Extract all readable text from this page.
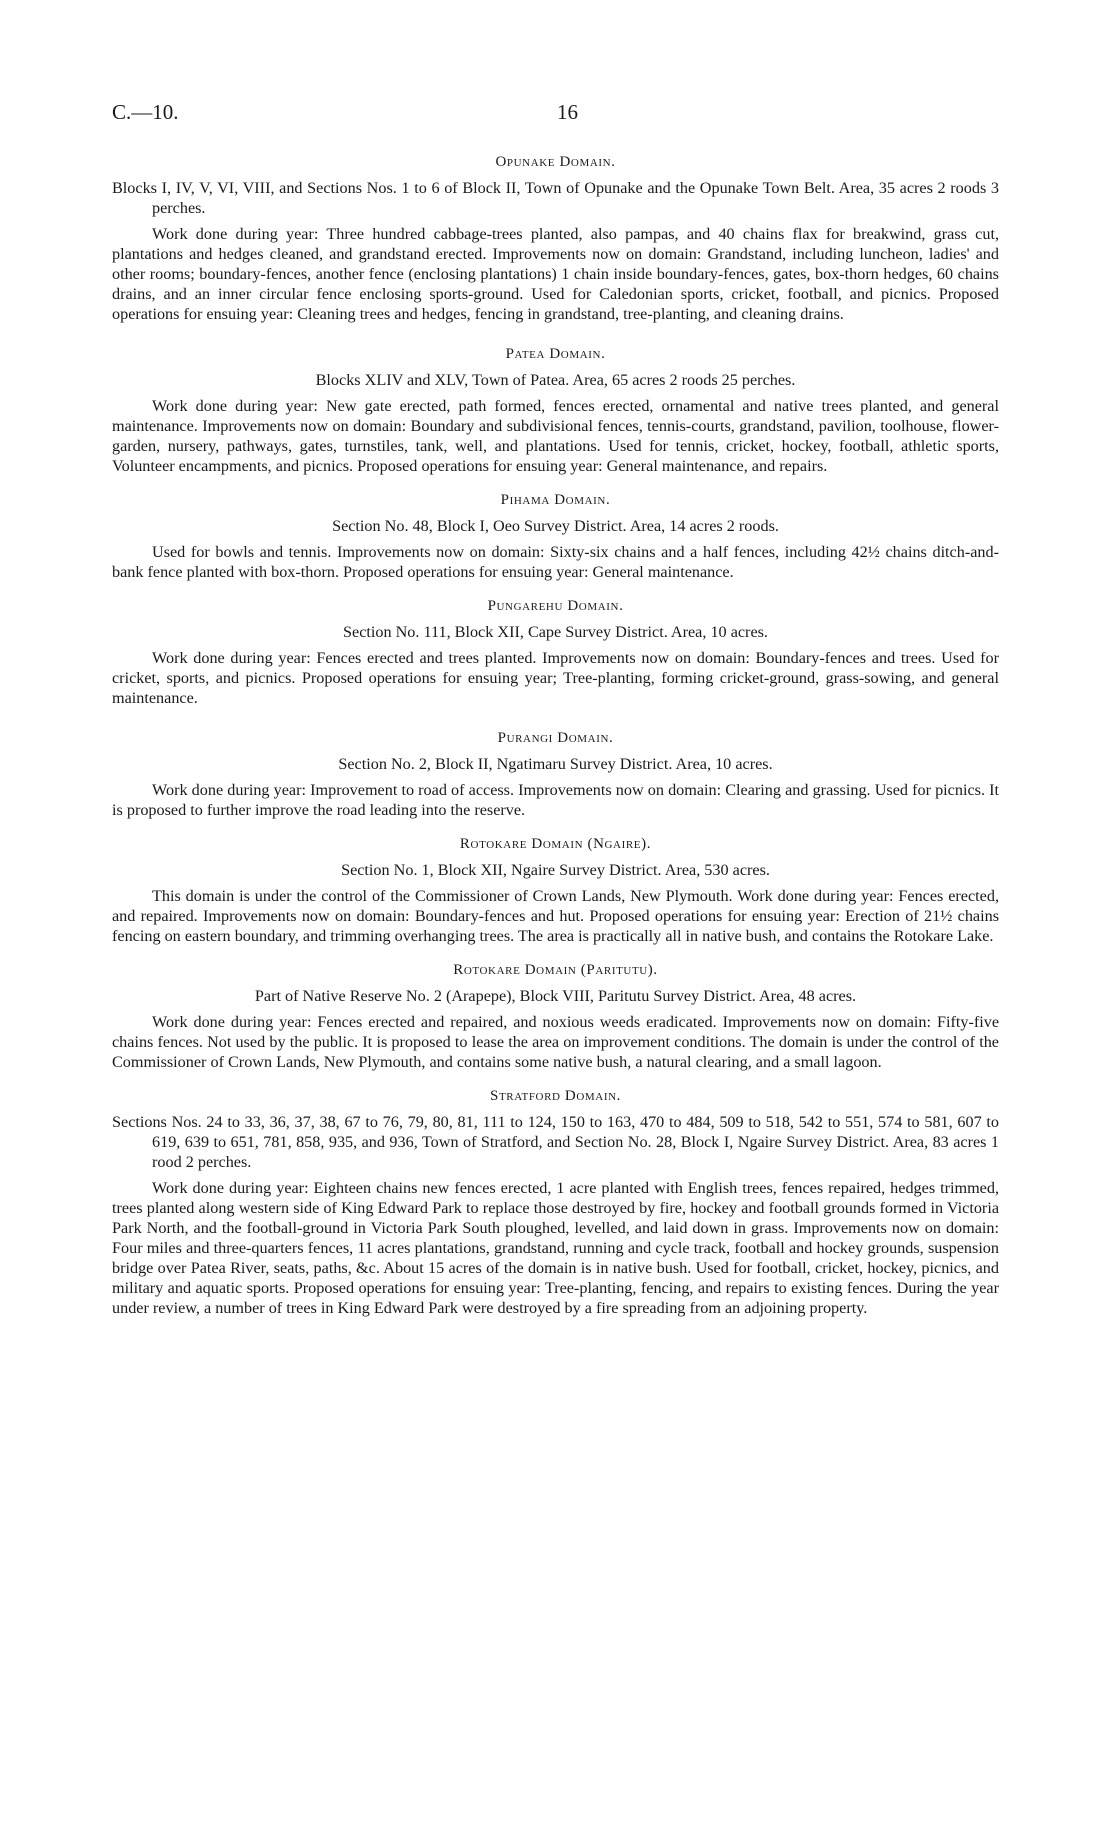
C.—10.	16

Opunake Domain.

Blocks I, IV, V, VI, VIII, and Sections Nos. 1 to 6 of Block II, Town of Opunake and the Opunake Town Belt. Area, 35 acres 2 roods 3 perches.

Work done during year: Three hundred cabbage-trees planted, also pampas, and 40 chains flax for breakwind, grass cut, plantations and hedges cleaned, and grandstand erected. Improvements now on domain: Grandstand, including luncheon, ladies' and other rooms; boundary-fences, another fence (enclosing plantations) 1 chain inside boundary-fences, gates, box-thorn hedges, 60 chains drains, and an inner circular fence enclosing sports-ground. Used for Caledonian sports, cricket, football, and picnics. Proposed operations for ensuing year: Cleaning trees and hedges, fencing in grandstand, tree-planting, and cleaning drains.

Patea Domain.

Blocks XLIV and XLV, Town of Patea. Area, 65 acres 2 roods 25 perches.

Work done during year: New gate erected, path formed, fences erected, ornamental and native trees planted, and general maintenance. Improvements now on domain: Boundary and subdivisional fences, tennis-courts, grandstand, pavilion, toolhouse, flower-garden, nursery, pathways, gates, turnstiles, tank, well, and plantations. Used for tennis, cricket, hockey, football, athletic sports, Volunteer encampments, and picnics. Proposed operations for ensuing year: General maintenance, and repairs.

Pihama Domain.

Section No. 48, Block I, Oeo Survey District. Area, 14 acres 2 roods.

Used for bowls and tennis. Improvements now on domain: Sixty-six chains and a half fences, including 42½ chains ditch-and-bank fence planted with box-thorn. Proposed operations for ensuing year: General maintenance.

Pungarehu Domain.

Section No. 111, Block XII, Cape Survey District. Area, 10 acres.

Work done during year: Fences erected and trees planted. Improvements now on domain: Boundary-fences and trees. Used for cricket, sports, and picnics. Proposed operations for ensuing year; Tree-planting, forming cricket-ground, grass-sowing, and general maintenance.

Purangi Domain.

Section No. 2, Block II, Ngatimaru Survey District. Area, 10 acres.

Work done during year: Improvement to road of access. Improvements now on domain: Clearing and grassing. Used for picnics. It is proposed to further improve the road leading into the reserve.

Rotokare Domain (Ngaire).

Section No. 1, Block XII, Ngaire Survey District. Area, 530 acres.

This domain is under the control of the Commissioner of Crown Lands, New Plymouth. Work done during year: Fences erected, and repaired. Improvements now on domain: Boundary-fences and hut. Proposed operations for ensuing year: Erection of 21½ chains fencing on eastern boundary, and trimming overhanging trees. The area is practically all in native bush, and contains the Rotokare Lake.

Rotokare Domain (Paritutu).

Part of Native Reserve No. 2 (Arapepe), Block VIII, Paritutu Survey District. Area, 48 acres.

Work done during year: Fences erected and repaired, and noxious weeds eradicated. Improvements now on domain: Fifty-five chains fences. Not used by the public. It is proposed to lease the area on improvement conditions. The domain is under the control of the Commissioner of Crown Lands, New Plymouth, and contains some native bush, a natural clearing, and a small lagoon.

Stratford Domain.

Sections Nos. 24 to 33, 36, 37, 38, 67 to 76, 79, 80, 81, 111 to 124, 150 to 163, 470 to 484, 509 to 518, 542 to 551, 574 to 581, 607 to 619, 639 to 651, 781, 858, 935, and 936, Town of Stratford, and Section No. 28, Block I, Ngaire Survey District. Area, 83 acres 1 rood 2 perches.

Work done during year: Eighteen chains new fences erected, 1 acre planted with English trees, fences repaired, hedges trimmed, trees planted along western side of King Edward Park to replace those destroyed by fire, hockey and football grounds formed in Victoria Park North, and the football-ground in Victoria Park South ploughed, levelled, and laid down in grass. Improvements now on domain: Four miles and three-quarters fences, 11 acres plantations, grandstand, running and cycle track, football and hockey grounds, suspension bridge over Patea River, seats, paths, &c. About 15 acres of the domain is in native bush. Used for football, cricket, hockey, picnics, and military and aquatic sports. Proposed operations for ensuing year: Tree-planting, fencing, and repairs to existing fences. During the year under review, a number of trees in King Edward Park were destroyed by a fire spreading from an adjoining property.
